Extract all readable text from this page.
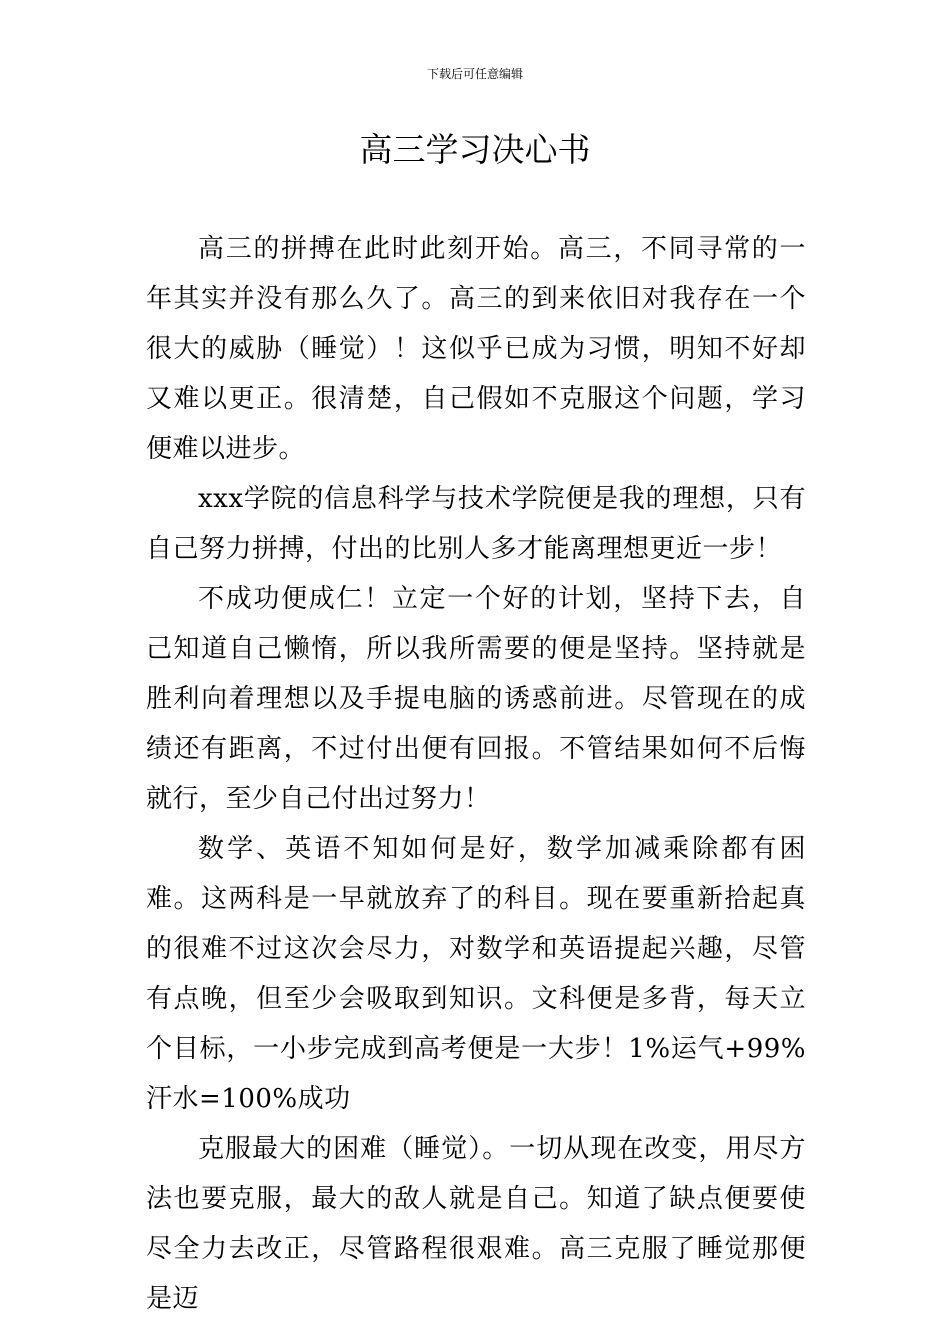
下载后可任意编辑
高三学习决心书

高三的拼搏在此时此刻开始。高三，不同寻常的一年其实并没有那么久了。高三的到来依旧对我存在一个很大的威胁（睡觉）！这似乎已成为习惯，明知不好却又难以更正。很清楚，自己假如不克服这个问题，学习便难以进步。

xxx学院的信息科学与技术学院便是我的理想，只有自己努力拼搏，付出的比别人多才能离理想更近一步！

不成功便成仁！立定一个好的计划，坚持下去，自己知道自己懒惰，所以我所需要的便是坚持。坚持就是胜利向着理想以及手提电脑的诱惑前进。尽管现在的成绩还有距离，不过付出便有回报。不管结果如何不后悔就行，至少自己付出过努力！

数学、英语不知如何是好，数学加减乘除都有困难。这两科是一早就放弃了的科目。现在要重新拾起真的很难不过这次会尽力，对数学和英语提起兴趣，尽管有点晚，但至少会吸取到知识。文科便是多背，每天立个目标，一小步完成到高考便是一大步！1%运气+99%汗水=100%成功

克服最大的困难（睡觉）。一切从现在改变，用尽方法也要克服，最大的敌人就是自己。知道了缺点便要使尽全力去改正，尽管路程很艰难。高三克服了睡觉那便是迈
